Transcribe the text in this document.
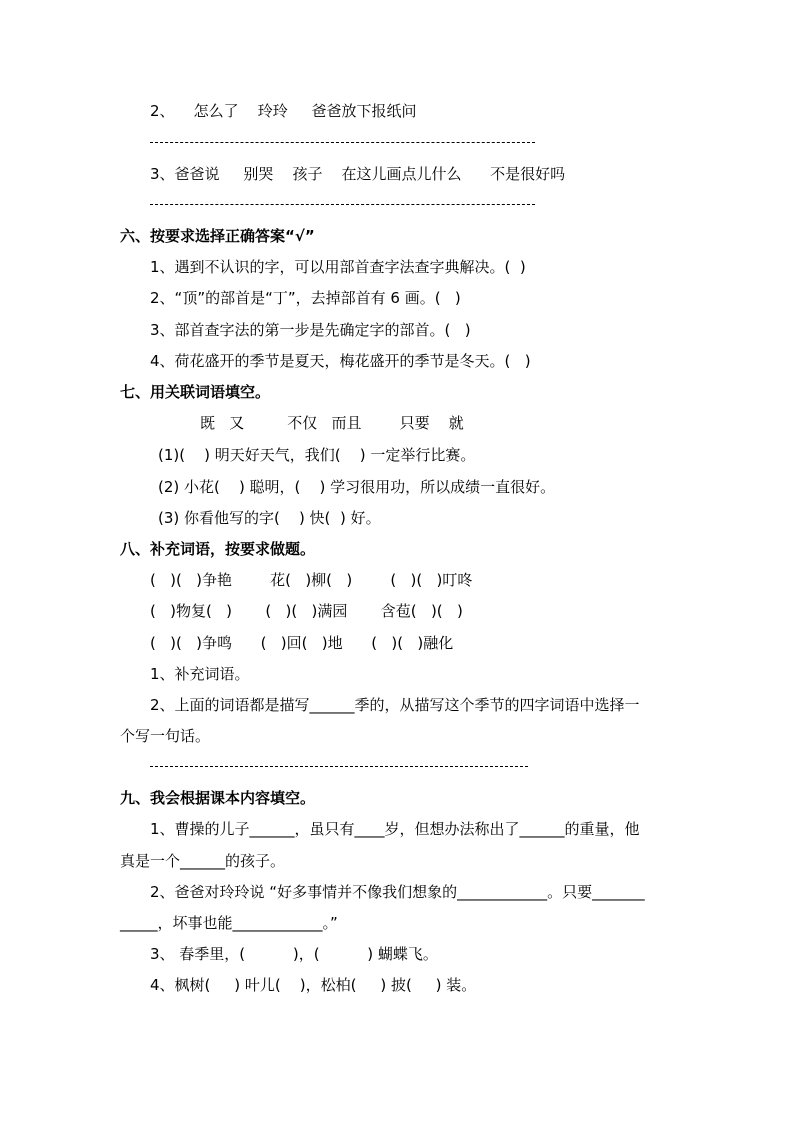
2、    怎么了    玲玲     爸爸放下报纸问
3、爸爸说     别哭    孩子    在这儿画点儿什么      不是很好吗
六、按要求选择正确答案“√”
1、遇到不认识的字，可以用部首查字法查字典解决。(  )
2、“顶”的部首是“丁”，去掉部首有 6 画。(   )
3、部首查字法的第一步是先确定字的部首。(   )
4、荷花盛开的季节是夏天，梅花盛开的季节是冬天。(   )
七、用关联词语填空。
既   又         不仅   而且        只要    就
(1)(    ) 明天好天气，我们(    ) 一定举行比赛。
(2) 小花(    ) 聪明，(    ) 学习很用功，所以成绩一直很好。
(3) 你看他写的字(    ) 快(  ) 好。
八、补充词语，按要求做题。
(   )(   )争艳        花(   )柳(   )        (   )(   )叮咚
(   )物复(   )       (   )(   )满园       含苞(   )(   )
(   )(   )争鸣      (   )回(   )地      (   )(   )融化
1、补充词语。
2、上面的词语都是描写______季的，从描写这个季节的四字词语中选择一
个写一句话。
九、我会根据课本内容填空。
1、曹操的儿子______，虽只有____岁，但想办法称出了______的重量，他
真是一个______的孩子。
2、爸爸对玲玲说 “好多事情并不像我们想象的____________。只要_______
_____，坏事也能____________。”
3、 春季里，(          )，(          ) 蝴蝶飞。
4、枫树(     ) 叶儿(    )，松柏(     ) 披(     ) 装。
